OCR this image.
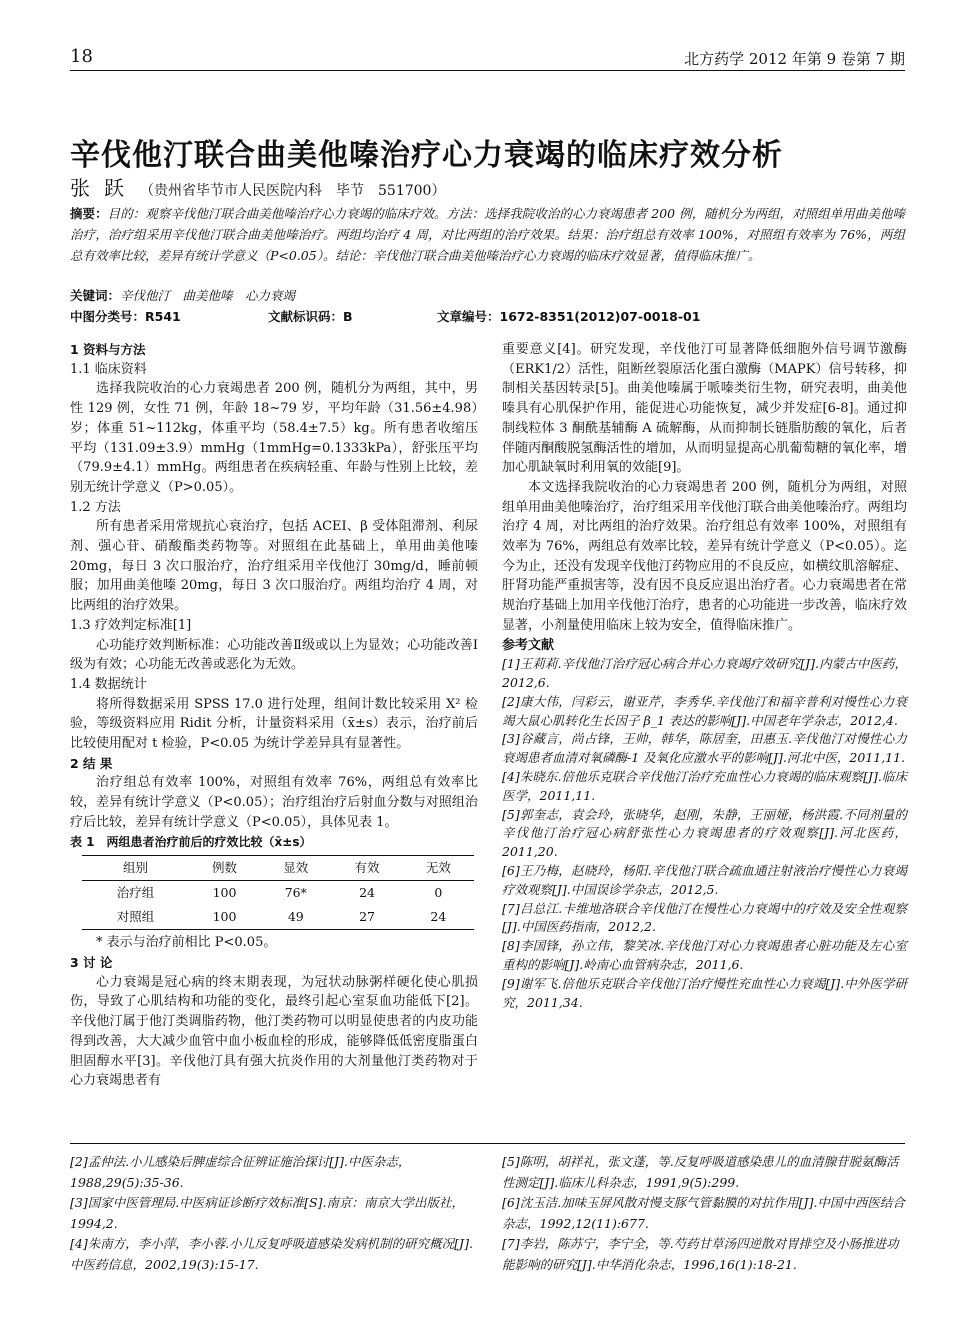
18	北方药学 2012 年第 9 卷第 7 期
辛伐他汀联合曲美他嗪治疗心力衰竭的临床疗效分析
张跃 （贵州省毕节市人民医院内科　毕节　551700）

摘要：目的：观察辛伐他汀联合曲美他嗪治疗心力衰竭的临床疗效。方法：选择我院收治的心力衰竭患者 200 例，随机分为两组，对照组单用曲美他嗪治疗，治疗组采用辛伐他汀联合曲美他嗪治疗。两组均治疗 4 周，对比两组的治疗效果。结果：治疗组总有效率 100%，对照组有效率为 76%，两组总有效率比较，差异有统计学意义（P<0.05）。结论：辛伐他汀联合曲美他嗪治疗心力衰竭的临床疗效显著，值得临床推广。

关键词：辛伐他汀　曲美他嗪　心力衰竭
中图分类号：R541	文献标识码：B	文章编号：1672-8351(2012)07-0018-01

1 资料与方法

1.1 临床资料

选择我院收治的心力衰竭患者 200 例，随机分为两组，其中，男性 129 例，女性 71 例，年龄 18~79 岁，平均年龄（31.56±4.98）岁；体重 51~112kg，体重平均（58.4±7.5）kg。所有患者收缩压平均（131.09±3.9）mmHg（1mmHg=0.1333kPa），舒张压平均（79.9±4.1）mmHg。两组患者在疾病轻重、年龄与性别上比较，差别无统计学意义（P>0.05）。

1.2 方法

所有患者采用常规抗心衰治疗，包括 ACEI、β 受体阻滞剂、利尿剂、强心苷、硝酸酯类药物等。对照组在此基础上，单用曲美他嗪 20mg，每日 3 次口服治疗，治疗组采用辛伐他汀 30mg/d，睡前顿服；加用曲美他嗪 20mg，每日 3 次口服治疗。两组均治疗 4 周，对比两组的治疗效果。

1.3 疗效判定标准[1]

心功能疗效判断标准：心功能改善Ⅱ级或以上为显效；心功能改善Ⅰ级为有效；心功能无改善或恶化为无效。

1.4 数据统计

将所得数据采用 SPSS 17.0 进行处理，组间计数比较采用 X² 检验，等级资料应用 Ridit 分析，计量资料采用（x̄±s）表示，治疗前后比较使用配对 t 检验，P<0.05 为统计学差异具有显著性。

2 结 果

治疗组总有效率 100%，对照组有效率 76%，两组总有效率比较，差异有统计学意义（P<0.05）；治疗组治疗后射血分数与对照组治疗后比较，差异有统计学意义（P<0.05），具体见表 1。

表 1　两组患者治疗前后的疗效比较（x̄±s）

组别	例数	显效	有效	无效
治疗组	100	76*	24	0
对照组	100	49	27	24

* 表示与治疗前相比 P<0.05。

3 讨 论

心力衰竭是冠心病的终末期表现，为冠状动脉粥样硬化使心肌损伤，导致了心肌结构和功能的变化，最终引起心室泵血功能低下[2]。辛伐他汀属于他汀类调脂药物，他汀类药物可以明显使患者的内皮功能得到改善，大大减少血管中血小板血栓的形成，能够降低低密度脂蛋白胆固醇水平[3]。辛伐他汀具有强大抗炎作用的大剂量他汀类药物对于心力衰竭患者有

重要意义[4]。研究发现，辛伐他汀可显著降低细胞外信号调节激酶（ERK1/2）活性，阻断丝裂原活化蛋白激酶（MAPK）信号转移，抑制相关基因转录[5]。曲美他嗪属于哌嗪类衍生物，研究表明，曲美他嗪具有心肌保护作用，能促进心功能恢复，减少并发症[6-8]。通过抑制线粒体 3 酮酰基辅酶 A 硫解酶，从而抑制长链脂肪酸的氧化，后者伴随丙酮酸脱氢酶活性的增加，从而明显提高心肌葡萄糖的氧化率，增加心肌缺氧时利用氧的效能[9]。

本文选择我院收治的心力衰竭患者 200 例，随机分为两组，对照组单用曲美他嗪治疗，治疗组采用辛伐他汀联合曲美他嗪治疗。两组均治疗 4 周，对比两组的治疗效果。治疗组总有效率 100%，对照组有效率为 76%，两组总有效率比较，差异有统计学意义（P<0.05）。迄今为止，还没有发现辛伐他汀药物应用的不良反应，如横纹肌溶解症、肝肾功能严重损害等，没有因不良反应退出治疗者。心力衰竭患者在常规治疗基础上加用辛伐他汀治疗，患者的心功能进一步改善，临床疗效显著，小剂量使用临床上较为安全，值得临床推广。

参考文献

[1]王莉莉.辛伐他汀治疗冠心病合并心力衰竭疗效研究[J].内蒙古中医药，2012,6.

[2]康大伟，闫彩云，谢亚芹，李秀华.辛伐他汀和福辛普利对慢性心力衰竭大鼠心肌转化生长因子 β_1 表达的影响[J].中国老年学杂志，2012,4.

[3]谷藏言，尚占锋，王帅，韩华，陈居奎，田惠玉.辛伐他汀对慢性心力衰竭患者血清对氧磷酶-1 及氧化应激水平的影响[J].河北中医，2011,11.

[4]朱晓东.倍他乐克联合辛伐他汀治疗充血性心力衰竭的临床观察[J].临床医学，2011,11.

[5]郭奎志，袁会玲，张晓华，赵刚，朱静，王丽娅，杨洪霞.不同剂量的辛伐他汀治疗冠心病舒张性心力衰竭患者的疗效观察[J].河北医药，2011,20.

[6]王乃梅，赵晓玲，杨阳.辛伐他汀联合疏血通注射液治疗慢性心力衰竭疗效观察[J].中国误诊学杂志，2012,5.

[7]吕总江.卡维地洛联合辛伐他汀在慢性心力衰竭中的疗效及安全性观察[J].中国医药指南，2012,2.

[8]李国锋，孙立伟，黎笑冰.辛伐他汀对心力衰竭患者心脏功能及左心室重构的影响[J].岭南心血管病杂志，2011,6.

[9]谢军飞.倍他乐克联合辛伐他汀治疗慢性充血性心力衰竭[J].中外医学研究，2011,34.

[2]孟仲法.小儿感染后脾虚综合征辨证施治探讨[J].中医杂志，1988,29(5):35-36.

[3]国家中医管理局.中医病证诊断疗效标准[S].南京：南京大学出版社，1994,2.

[4]朱南方，李小萍，李小蓉.小儿反复呼吸道感染发病机制的研究概况[J].中医药信息，2002,19(3):15-17.

[5]陈明，胡祥礼，张文蓬，等.反复呼吸道感染患儿的血清腺苷脱氨酶活性测定[J].临床儿科杂志，1991,9(5):299.

[6]沈玉洁.加味玉屏风散对慢支豚气管黏膜的对抗作用[J].中国中西医结合杂志，1992,12(11):677.

[7]李岩，陈苏宁，李宁全，等.芍药甘草汤四逆散对胃排空及小肠推进功能影响的研究[J].中华消化杂志，1996,16(1):18-21.
